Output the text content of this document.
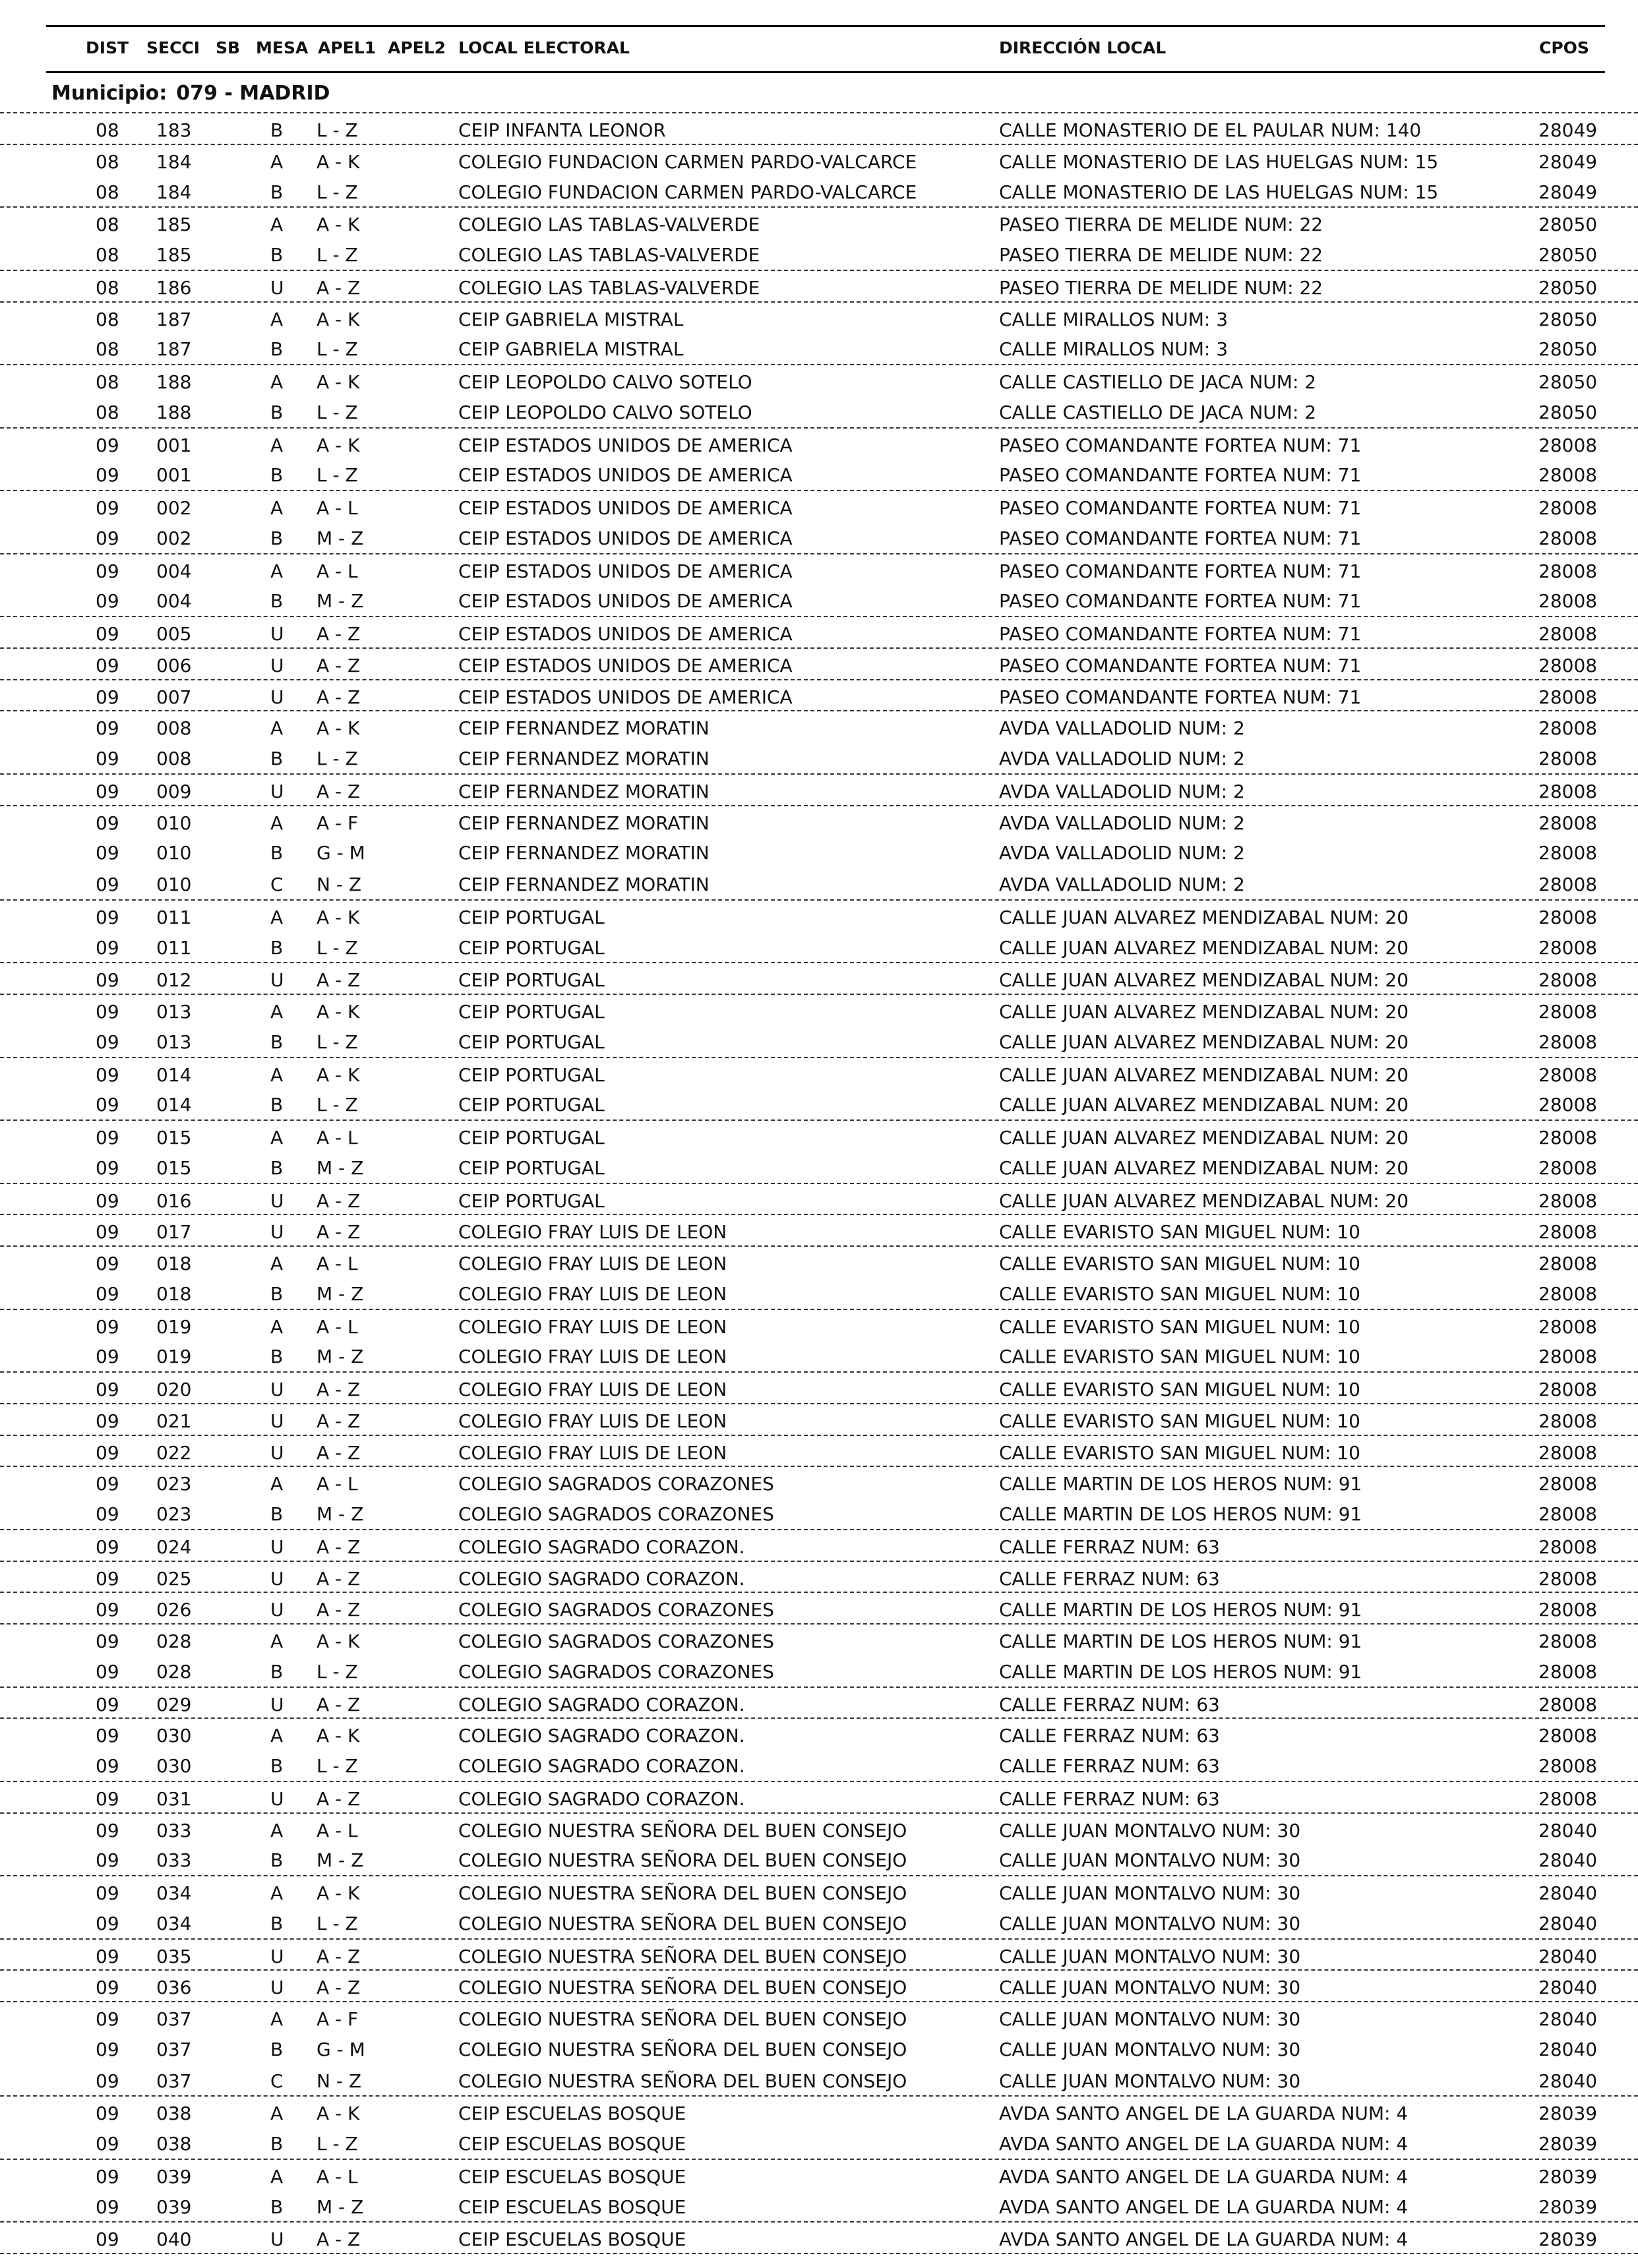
DIST SECCI SB MESA APEL1 APEL2 LOCAL ELECTORAL	DIRECCIÓN LOCAL	CPOS
Municipio: 079 - MADRID
08 183	B L - Z	CEIP INFANTA LEONOR	CALLE MONASTERIO DE EL PAULAR NUM: 140	28049
08 184	A A - K	COLEGIO FUNDACION CARMEN PARDO-VALCARCE	CALLE MONASTERIO DE LAS HUELGAS NUM: 15	28049
08 184	B L - Z	COLEGIO FUNDACION CARMEN PARDO-VALCARCE	CALLE MONASTERIO DE LAS HUELGAS NUM: 15	28049
08 185	A A - K	COLEGIO LAS TABLAS-VALVERDE	PASEO TIERRA DE MELIDE NUM: 22	28050
08 185	B L - Z	COLEGIO LAS TABLAS-VALVERDE	PASEO TIERRA DE MELIDE NUM: 22	28050
08 186	U A - Z	COLEGIO LAS TABLAS-VALVERDE	PASEO TIERRA DE MELIDE NUM: 22	28050
08 187	A A - K	CEIP GABRIELA MISTRAL	CALLE MIRALLOS NUM: 3	28050
08 187	B L - Z	CEIP GABRIELA MISTRAL	CALLE MIRALLOS NUM: 3	28050
08 188	A A - K	CEIP LEOPOLDO CALVO SOTELO	CALLE CASTIELLO DE JACA NUM: 2	28050
08 188	B L - Z	CEIP LEOPOLDO CALVO SOTELO	CALLE CASTIELLO DE JACA NUM: 2	28050
09 001	A A - K	CEIP ESTADOS UNIDOS DE AMERICA	PASEO COMANDANTE FORTEA NUM: 71	28008
09 001	B L - Z	CEIP ESTADOS UNIDOS DE AMERICA	PASEO COMANDANTE FORTEA NUM: 71	28008
09 002	A A - L	CEIP ESTADOS UNIDOS DE AMERICA	PASEO COMANDANTE FORTEA NUM: 71	28008
09 002	B M - Z	CEIP ESTADOS UNIDOS DE AMERICA	PASEO COMANDANTE FORTEA NUM: 71	28008
09 004	A A - L	CEIP ESTADOS UNIDOS DE AMERICA	PASEO COMANDANTE FORTEA NUM: 71	28008
09 004	B M - Z	CEIP ESTADOS UNIDOS DE AMERICA	PASEO COMANDANTE FORTEA NUM: 71	28008
09 005	U A - Z	CEIP ESTADOS UNIDOS DE AMERICA	PASEO COMANDANTE FORTEA NUM: 71	28008
09 006	U A - Z	CEIP ESTADOS UNIDOS DE AMERICA	PASEO COMANDANTE FORTEA NUM: 71	28008
09 007	U A - Z	CEIP ESTADOS UNIDOS DE AMERICA	PASEO COMANDANTE FORTEA NUM: 71	28008
09 008	A A - K	CEIP FERNANDEZ MORATIN	AVDA VALLADOLID NUM: 2	28008
09 008	B L - Z	CEIP FERNANDEZ MORATIN	AVDA VALLADOLID NUM: 2	28008
09 009	U A - Z	CEIP FERNANDEZ MORATIN	AVDA VALLADOLID NUM: 2	28008
09 010	A A - F	CEIP FERNANDEZ MORATIN	AVDA VALLADOLID NUM: 2	28008
09 010	B G - M	CEIP FERNANDEZ MORATIN	AVDA VALLADOLID NUM: 2	28008
09 010	C N - Z	CEIP FERNANDEZ MORATIN	AVDA VALLADOLID NUM: 2	28008
09 011	A A - K	CEIP PORTUGAL	CALLE JUAN ALVAREZ MENDIZABAL NUM: 20	28008
09 011	B L - Z	CEIP PORTUGAL	CALLE JUAN ALVAREZ MENDIZABAL NUM: 20	28008
09 012	U A - Z	CEIP PORTUGAL	CALLE JUAN ALVAREZ MENDIZABAL NUM: 20	28008
09 013	A A - K	CEIP PORTUGAL	CALLE JUAN ALVAREZ MENDIZABAL NUM: 20	28008
09 013	B L - Z	CEIP PORTUGAL	CALLE JUAN ALVAREZ MENDIZABAL NUM: 20	28008
09 014	A A - K	CEIP PORTUGAL	CALLE JUAN ALVAREZ MENDIZABAL NUM: 20	28008
09 014	B L - Z	CEIP PORTUGAL	CALLE JUAN ALVAREZ MENDIZABAL NUM: 20	28008
09 015	A A - L	CEIP PORTUGAL	CALLE JUAN ALVAREZ MENDIZABAL NUM: 20	28008
09 015	B M - Z	CEIP PORTUGAL	CALLE JUAN ALVAREZ MENDIZABAL NUM: 20	28008
09 016	U A - Z	CEIP PORTUGAL	CALLE JUAN ALVAREZ MENDIZABAL NUM: 20	28008
09 017	U A - Z	COLEGIO FRAY LUIS DE LEON	CALLE EVARISTO SAN MIGUEL NUM: 10	28008
09 018	A A - L	COLEGIO FRAY LUIS DE LEON	CALLE EVARISTO SAN MIGUEL NUM: 10	28008
09 018	B M - Z	COLEGIO FRAY LUIS DE LEON	CALLE EVARISTO SAN MIGUEL NUM: 10	28008
09 019	A A - L	COLEGIO FRAY LUIS DE LEON	CALLE EVARISTO SAN MIGUEL NUM: 10	28008
09 019	B M - Z	COLEGIO FRAY LUIS DE LEON	CALLE EVARISTO SAN MIGUEL NUM: 10	28008
09 020	U A - Z	COLEGIO FRAY LUIS DE LEON	CALLE EVARISTO SAN MIGUEL NUM: 10	28008
09 021	U A - Z	COLEGIO FRAY LUIS DE LEON	CALLE EVARISTO SAN MIGUEL NUM: 10	28008
09 022	U A - Z	COLEGIO FRAY LUIS DE LEON	CALLE EVARISTO SAN MIGUEL NUM: 10	28008
09 023	A A - L	COLEGIO SAGRADOS CORAZONES	CALLE MARTIN DE LOS HEROS NUM: 91	28008
09 023	B M - Z	COLEGIO SAGRADOS CORAZONES	CALLE MARTIN DE LOS HEROS NUM: 91	28008
09 024	U A - Z	COLEGIO SAGRADO CORAZON.	CALLE FERRAZ NUM: 63	28008
09 025	U A - Z	COLEGIO SAGRADO CORAZON.	CALLE FERRAZ NUM: 63	28008
09 026	U A - Z	COLEGIO SAGRADOS CORAZONES	CALLE MARTIN DE LOS HEROS NUM: 91	28008
09 028	A A - K	COLEGIO SAGRADOS CORAZONES	CALLE MARTIN DE LOS HEROS NUM: 91	28008
09 028	B L - Z	COLEGIO SAGRADOS CORAZONES	CALLE MARTIN DE LOS HEROS NUM: 91	28008
09 029	U A - Z	COLEGIO SAGRADO CORAZON.	CALLE FERRAZ NUM: 63	28008
09 030	A A - K	COLEGIO SAGRADO CORAZON.	CALLE FERRAZ NUM: 63	28008
09 030	B L - Z	COLEGIO SAGRADO CORAZON.	CALLE FERRAZ NUM: 63	28008
09 031	U A - Z	COLEGIO SAGRADO CORAZON.	CALLE FERRAZ NUM: 63	28008
09 033	A A - L	COLEGIO NUESTRA SEÑORA DEL BUEN CONSEJO	CALLE JUAN MONTALVO NUM: 30	28040
09 033	B M - Z	COLEGIO NUESTRA SEÑORA DEL BUEN CONSEJO	CALLE JUAN MONTALVO NUM: 30	28040
09 034	A A - K	COLEGIO NUESTRA SEÑORA DEL BUEN CONSEJO	CALLE JUAN MONTALVO NUM: 30	28040
09 034	B L - Z	COLEGIO NUESTRA SEÑORA DEL BUEN CONSEJO	CALLE JUAN MONTALVO NUM: 30	28040
09 035	U A - Z	COLEGIO NUESTRA SEÑORA DEL BUEN CONSEJO	CALLE JUAN MONTALVO NUM: 30	28040
09 036	U A - Z	COLEGIO NUESTRA SEÑORA DEL BUEN CONSEJO	CALLE JUAN MONTALVO NUM: 30	28040
09 037	A A - F	COLEGIO NUESTRA SEÑORA DEL BUEN CONSEJO	CALLE JUAN MONTALVO NUM: 30	28040
09 037	B G - M	COLEGIO NUESTRA SEÑORA DEL BUEN CONSEJO	CALLE JUAN MONTALVO NUM: 30	28040
09 037	C N - Z	COLEGIO NUESTRA SEÑORA DEL BUEN CONSEJO	CALLE JUAN MONTALVO NUM: 30	28040
09 038	A A - K	CEIP ESCUELAS BOSQUE	AVDA SANTO ANGEL DE LA GUARDA NUM: 4	28039
09 038	B L - Z	CEIP ESCUELAS BOSQUE	AVDA SANTO ANGEL DE LA GUARDA NUM: 4	28039
09 039	A A - L	CEIP ESCUELAS BOSQUE	AVDA SANTO ANGEL DE LA GUARDA NUM: 4	28039
09 039	B M - Z	CEIP ESCUELAS BOSQUE	AVDA SANTO ANGEL DE LA GUARDA NUM: 4	28039
09 040	U A - Z	CEIP ESCUELAS BOSQUE	AVDA SANTO ANGEL DE LA GUARDA NUM: 4	28039
